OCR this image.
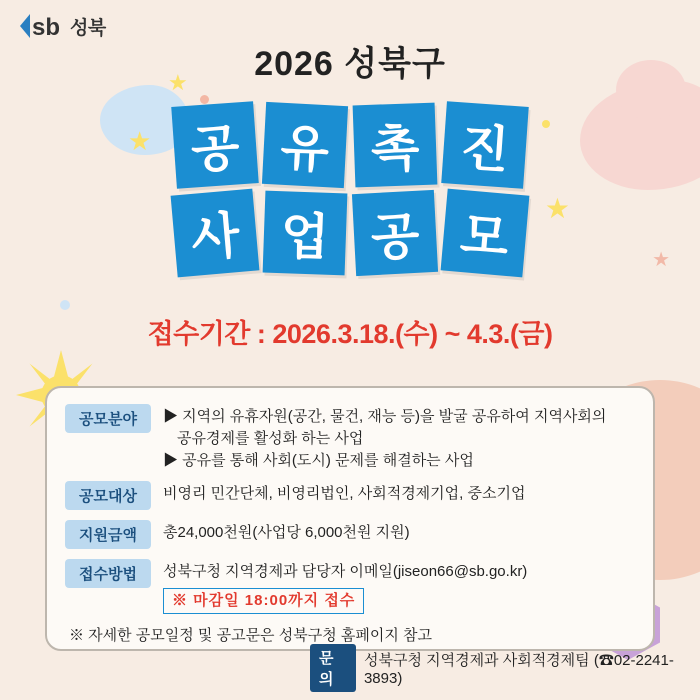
★
★
★
★
sb 성북
2026 성북구
공 유 촉 진
사 업 공 모
접수기간 : 2026.3.18.(수) ~ 4.3.(금)
공모분야	▶ 지역의 유휴자원(공간, 물건, 재능 등)을 발굴 공유하여 지역사회의
공유경제를 활성화 하는 사업
▶ 공유를 통해 사회(도시) 문제를 해결하는 사업
공모대상	비영리 민간단체, 비영리법인, 사회적경제기업, 중소기업
지원금액	총24,000천원(사업당 6,000천원 지원)
접수방법	성북구청 지역경제과 담당자 이메일(jiseon66@sb.go.kr)
※ 마감일 18:00까지 접수
※ 자세한 공모일정 및 공고문은 성북구청 홈페이지 참고
문의
성북구청 지역경제과 사회적경제팀 (☎02-2241-3893)
